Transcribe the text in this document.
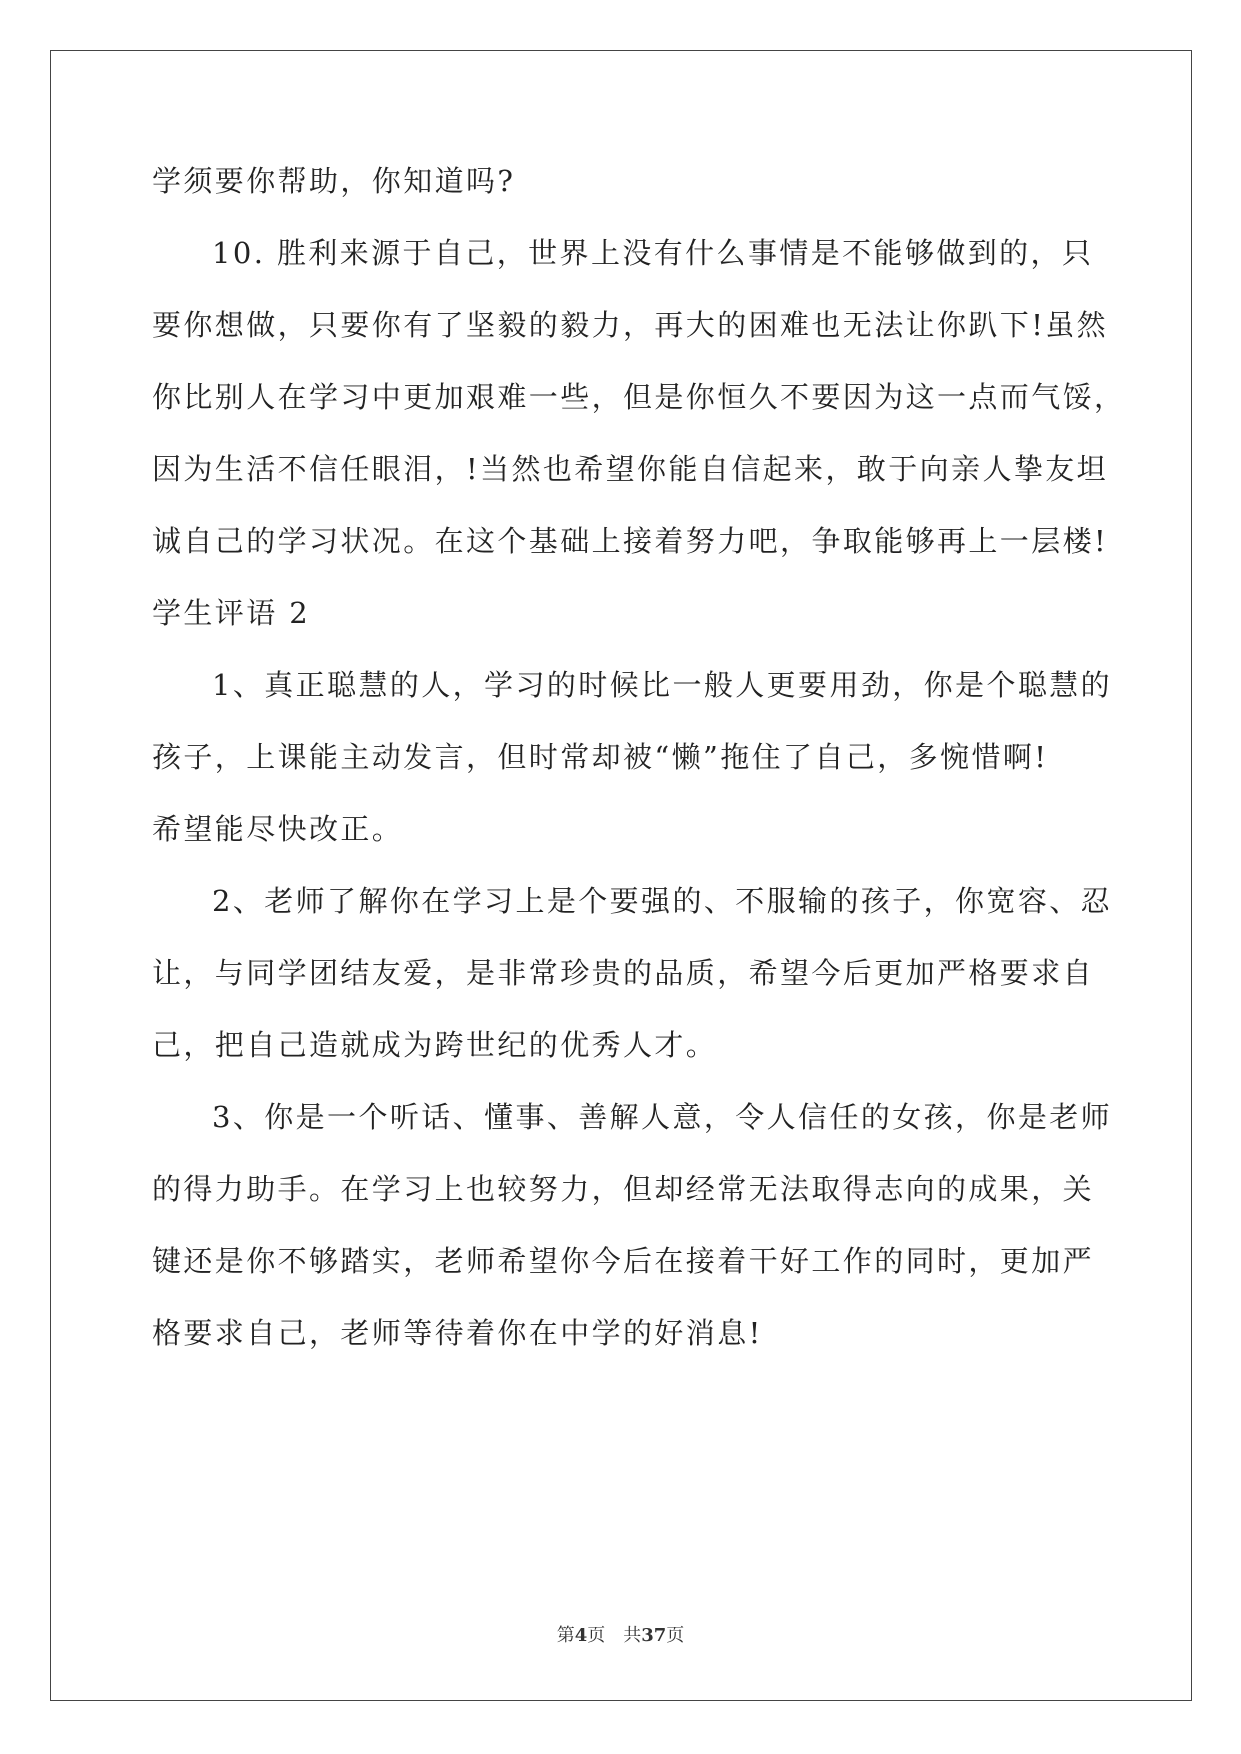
学须要你帮助，你知道吗?
10. 胜利来源于自己，世界上没有什么事情是不能够做到的，只
要你想做，只要你有了坚毅的毅力，再大的困难也无法让你趴下!虽然
你比别人在学习中更加艰难一些，但是你恒久不要因为这一点而气馁，
因为生活不信任眼泪，!当然也希望你能自信起来，敢于向亲人挚友坦
诚自己的学习状况。在这个基础上接着努力吧，争取能够再上一层楼!
学生评语 2
1、真正聪慧的人，学习的时候比一般人更要用劲，你是个聪慧的
孩子，上课能主动发言，但时常却被“懒”拖住了自己，多惋惜啊!
希望能尽快改正。
2、老师了解你在学习上是个要强的、不服输的孩子，你宽容、忍
让，与同学团结友爱，是非常珍贵的品质，希望今后更加严格要求自
己，把自己造就成为跨世纪的优秀人才。
3、你是一个听话、懂事、善解人意，令人信任的女孩，你是老师
的得力助手。在学习上也较努力，但却经常无法取得志向的成果，关
键还是你不够踏实，老师希望你今后在接着干好工作的同时，更加严
格要求自己，老师等待着你在中学的好消息!
第4页 共37页
